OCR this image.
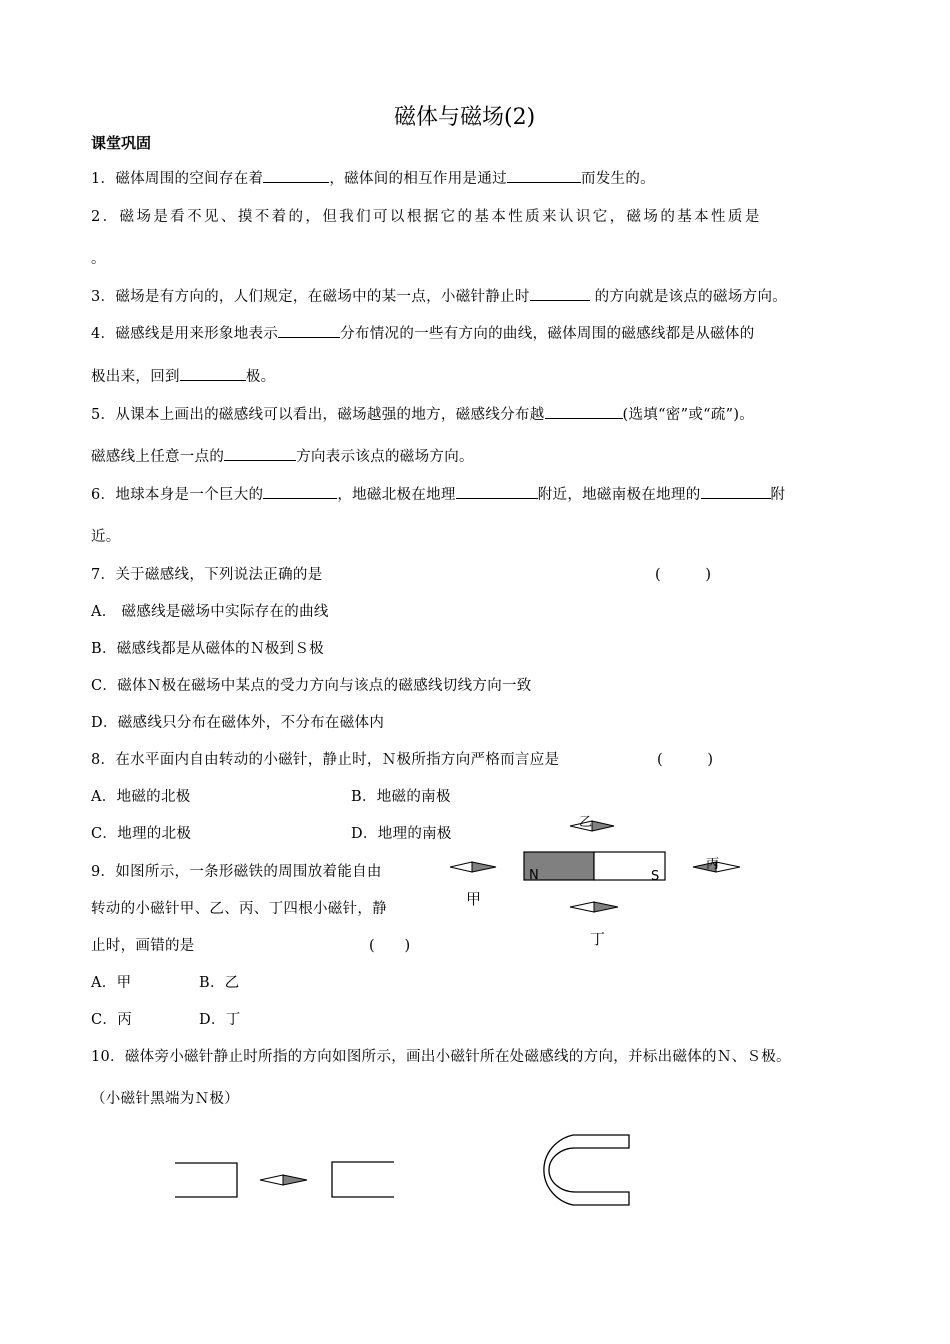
磁体与磁场(2)
课堂巩固
1．磁体周围的空间存在着	，磁体间的相互作用是通过	而发生的。
2．磁场是看不见、摸不着的，但我们可以根据它的基本性质来认识它，磁场的基本性质是
。
3．磁场是有方向的，人们规定，在磁场中的某一点，小磁针静止时	的方向就是该点的磁场方向。
4．磁感线是用来形象地表示	分布情况的一些有方向的曲线，磁体周围的磁感线都是从磁体的
极出来，回到	极。
5．从课本上画出的磁感线可以看出，磁场越强的地方，磁感线分布越	(选填“密”或“疏”)。
磁感线上任意一点的	方向表示该点的磁场方向。
6．地球本身是一个巨大的	，地磁北极在地理	附近，地磁南极在地理的	附
近。
7．关于磁感线，下列说法正确的是	(　　　)
A． 磁感线是磁场中实际存在的曲线
B．磁感线都是从磁体的Ｎ极到Ｓ极
C．磁体Ｎ极在磁场中某点的受力方向与该点的磁感线切线方向一致
D．磁感线只分布在磁体外，不分布在磁体内
8．在水平面内自由转动的小磁针，静止时，Ｎ极所指方向严格而言应是	(　　　)
A．地磁的北极	B．地磁的南极
C．地理的北极	D．地理的南极
9．如图所示，一条形磁铁的周围放着能自由
转动的小磁针甲、乙、丙、丁四根小磁针，静
止时，画错的是	(　　)
A．甲	B．乙
C．丙	D．丁
N	S
甲
乙
丙
丁
10．磁体旁小磁针静止时所指的方向如图所示，画出小磁针所在处磁感线的方向，并标出磁体的Ｎ、Ｓ极。
（小磁针黑端为Ｎ极）
